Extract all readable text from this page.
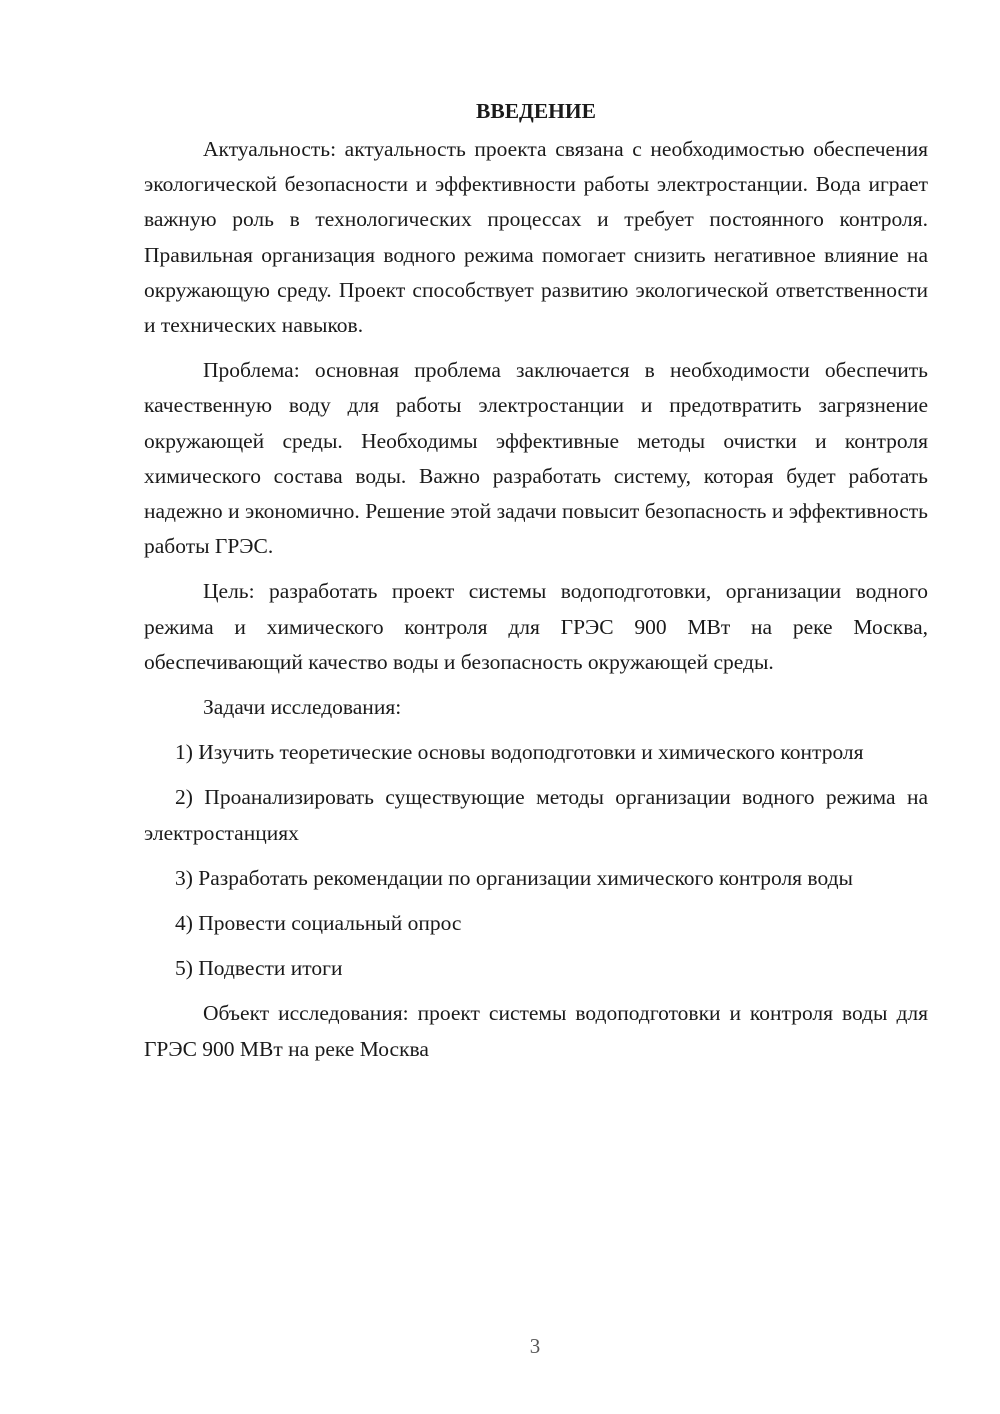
ВВЕДЕНИЕ

Актуальность: актуальность проекта связана с необходимостью обеспечения экологической безопасности и эффективности работы электростанции. Вода играет важную роль в технологических процессах и требует постоянного контроля. Правильная организация водного режима помогает снизить негативное влияние на окружающую среду. Проект способствует развитию экологической ответственности и технических навыков.

Проблема: основная проблема заключается в необходимости обеспечить качественную воду для работы электростанции и предотвратить загрязнение окружающей среды. Необходимы эффективные методы очистки и контроля химического состава воды. Важно разработать систему, которая будет работать надежно и экономично. Решение этой задачи повысит безопасность и эффективность работы ГРЭС.

Цель: разработать проект системы водоподготовки, организации водного режима и химического контроля для ГРЭС 900 МВт на реке Москва, обеспечивающий качество воды и безопасность окружающей среды.

Задачи исследования:

1) Изучить теоретические основы водоподготовки и химического контроля

2) Проанализировать существующие методы организации водного режима на электростанциях

3) Разработать рекомендации по организации химического контроля воды

4) Провести социальный опрос

5) Подвести итоги

Объект исследования: проект системы водоподготовки и контроля воды для ГРЭС 900 МВт на реке Москва

3
